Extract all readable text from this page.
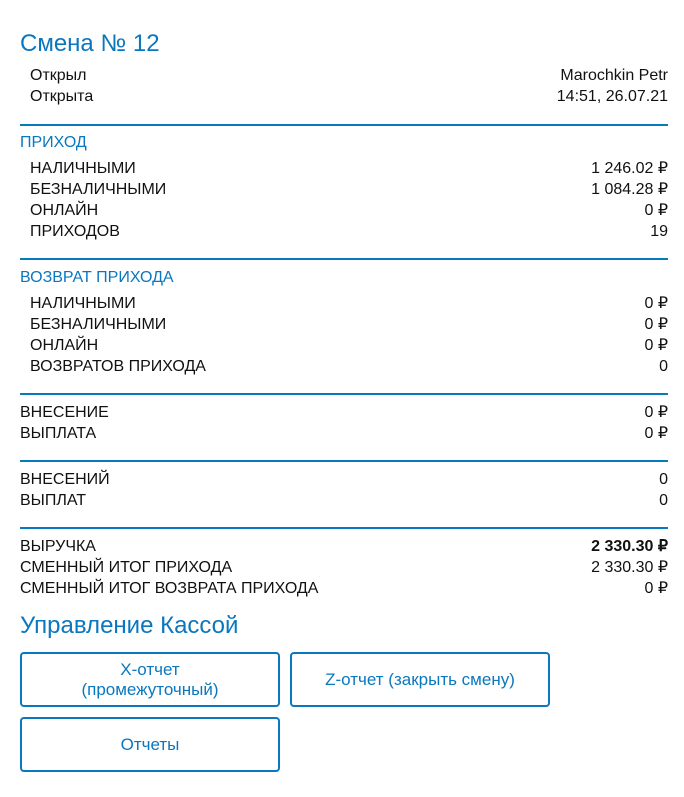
Смена № 12
Открыл	Marochkin Petr
Открыта	14:51, 26.07.21
ПРИХОД
НАЛИЧНЫМИ	1 246.02 ₽
БЕЗНАЛИЧНЫМИ	1 084.28 ₽
ОНЛАЙН	0 ₽
ПРИХОДОВ	19
ВОЗВРАТ ПРИХОДА
НАЛИЧНЫМИ	0 ₽
БЕЗНАЛИЧНЫМИ	0 ₽
ОНЛАЙН	0 ₽
ВОЗВРАТОВ ПРИХОДА	0
ВНЕСЕНИЕ	0 ₽
ВЫПЛАТА	0 ₽
ВНЕСЕНИЙ	0
ВЫПЛАТ	0
ВЫРУЧКА	2 330.30 ₽
СМЕННЫЙ ИТОГ ПРИХОДА	2 330.30 ₽
СМЕННЫЙ ИТОГ ВОЗВРАТА ПРИХОДА	0 ₽
Управление Кассой
X-отчет
(промежуточный)
Z-отчет (закрыть смену)
Отчеты
